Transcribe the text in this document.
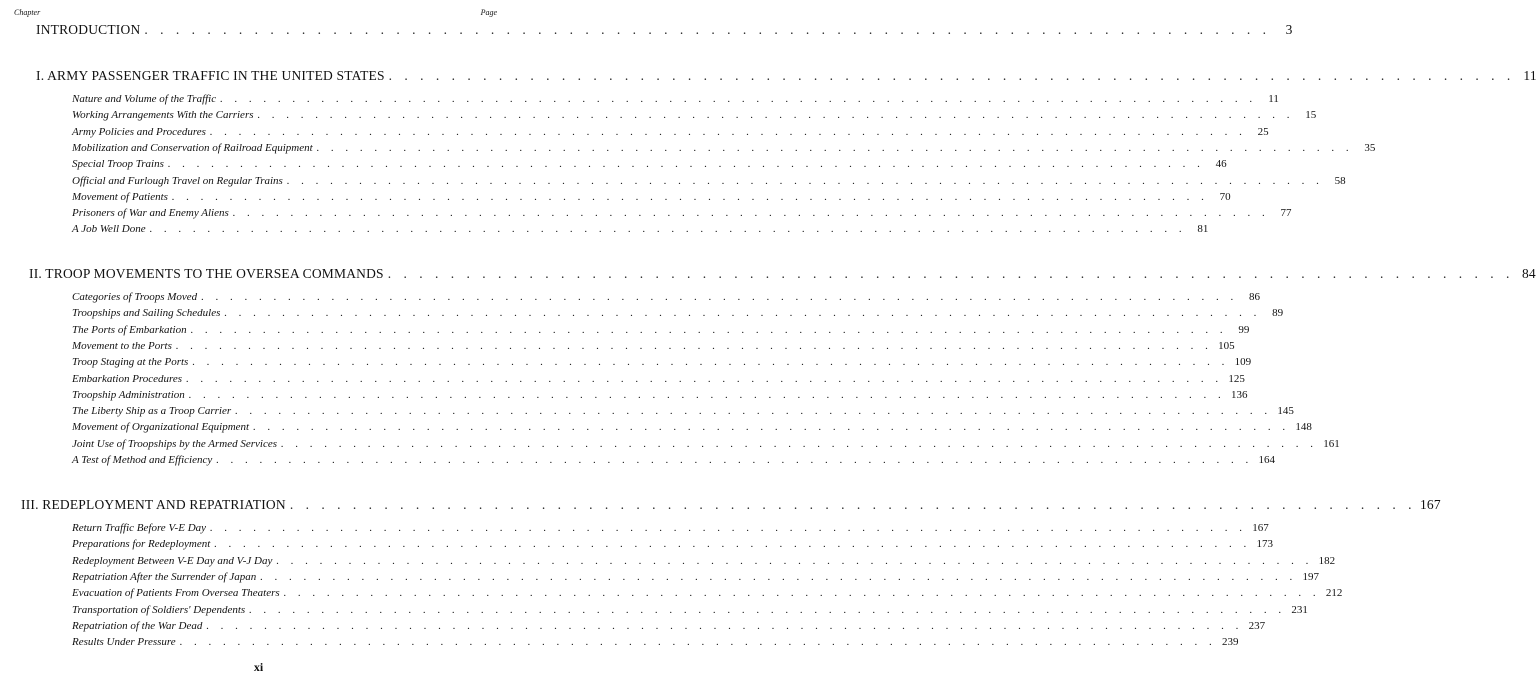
Chapter	Page
INTRODUCTION . . . . . . . . . . . . . . . . . . . . . . . . . . . . . . . . . . . . . . . . . . . . . . . . . . . . . . . . . . . . . . . . . . . . . . . .	3
I. ARMY PASSENGER TRAFFIC IN THE UNITED STATES . . . . . . . . . . . . . . . . . . . . . . . . . . . . . . . . . . . . . . . . . . . . . . . . . . . . . . . . . . . . . . . . . . . . . . . . 11
Nature and Volume of the Traffic . . . . . . . . . . . . . . . . . . . . . . . . . . . . . . . . . . . . . . . . . . . . . . . . . . . . . . . . . . . . . . . . . . . . . . . .	11
Working Arrangements With the Carriers . . . . . . . . . . . . . . . . . . . . . . . . . . . . . . . . . . . . . . . . . . . . . . . . . . . . . . . . . . . . . . . . . . . . . . . .	15
Army Policies and Procedures . . . . . . . . . . . . . . . . . . . . . . . . . . . . . . . . . . . . . . . . . . . . . . . . . . . . . . . . . . . . . . . . . . . . . . . .	25
Mobilization and Conservation of Railroad Equipment . . . . . . . . . . . . . . . . . . . . . . . . . . . . . . . . . . . . . . . . . . . . . . . . . . . . . . . . . . . . . . . . . . . . . . . .	35
Special Troop Trains . . . . . . . . . . . . . . . . . . . . . . . . . . . . . . . . . . . . . . . . . . . . . . . . . . . . . . . . . . . . . . . . . . . . . . . .	46
Official and Furlough Travel on Regular Trains . . . . . . . . . . . . . . . . . . . . . . . . . . . . . . . . . . . . . . . . . . . . . . . . . . . . . . . . . . . . . . . . . . . . . . . .	58
Movement of Patients . . . . . . . . . . . . . . . . . . . . . . . . . . . . . . . . . . . . . . . . . . . . . . . . . . . . . . . . . . . . . . . . . . . . . . . .	70
Prisoners of War and Enemy Aliens . . . . . . . . . . . . . . . . . . . . . . . . . . . . . . . . . . . . . . . . . . . . . . . . . . . . . . . . . . . . . . . . . . . . . . . .	77
A Job Well Done . . . . . . . . . . . . . . . . . . . . . . . . . . . . . . . . . . . . . . . . . . . . . . . . . . . . . . . . . . . . . . . . . . . . . . . .	81
II. TROOP MOVEMENTS TO THE OVERSEA COMMANDS . . . . . . . . . . . . . . . . . . . . . . . . . . . . . . . . . . . . . . . . . . . . . . . . . . . . . . . . . . . . . . . . . . . . . . . . 84
Categories of Troops Moved . . . . . . . . . . . . . . . . . . . . . . . . . . . . . . . . . . . . . . . . . . . . . . . . . . . . . . . . . . . . . . . . . . . . . . . .	86
Troopships and Sailing Schedules . . . . . . . . . . . . . . . . . . . . . . . . . . . . . . . . . . . . . . . . . . . . . . . . . . . . . . . . . . . . . . . . . . . . . . . .	89
The Ports of Embarkation . . . . . . . . . . . . . . . . . . . . . . . . . . . . . . . . . . . . . . . . . . . . . . . . . . . . . . . . . . . . . . . . . . . . . . . .	99
Movement to the Ports . . . . . . . . . . . . . . . . . . . . . . . . . . . . . . . . . . . . . . . . . . . . . . . . . . . . . . . . . . . . . . . . . . . . . . . . 105
Troop Staging at the Ports . . . . . . . . . . . . . . . . . . . . . . . . . . . . . . . . . . . . . . . . . . . . . . . . . . . . . . . . . . . . . . . . . . . . . . . . 109
Embarkation Procedures . . . . . . . . . . . . . . . . . . . . . . . . . . . . . . . . . . . . . . . . . . . . . . . . . . . . . . . . . . . . . . . . . . . . . . . . 125
Troopship Administration . . . . . . . . . . . . . . . . . . . . . . . . . . . . . . . . . . . . . . . . . . . . . . . . . . . . . . . . . . . . . . . . . . . . . . . . 136
The Liberty Ship as a Troop Carrier . . . . . . . . . . . . . . . . . . . . . . . . . . . . . . . . . . . . . . . . . . . . . . . . . . . . . . . . . . . . . . . . . . . . . . . . 145
Movement of Organizational Equipment . . . . . . . . . . . . . . . . . . . . . . . . . . . . . . . . . . . . . . . . . . . . . . . . . . . . . . . . . . . . . . . . . . . . . . . . 148
Joint Use of Troopships by the Armed Services . . . . . . . . . . . . . . . . . . . . . . . . . . . . . . . . . . . . . . . . . . . . . . . . . . . . . . . . . . . . . . . . . . . . . . . . 161
A Test of Method and Efficiency . . . . . . . . . . . . . . . . . . . . . . . . . . . . . . . . . . . . . . . . . . . . . . . . . . . . . . . . . . . . . . . . . . . . . . . . 164
III. REDEPLOYMENT AND REPATRIATION . . . . . . . . . . . . . . . . . . . . . . . . . . . . . . . . . . . . . . . . . . . . . . . . . . . . . . . . . . . . . . . . . . . . . . . . 167
Return Traffic Before V-E Day . . . . . . . . . . . . . . . . . . . . . . . . . . . . . . . . . . . . . . . . . . . . . . . . . . . . . . . . . . . . . . . . . . . . . . . . 167
Preparations for Redeployment . . . . . . . . . . . . . . . . . . . . . . . . . . . . . . . . . . . . . . . . . . . . . . . . . . . . . . . . . . . . . . . . . . . . . . . . 173
Redeployment Between V-E Day and V-J Day . . . . . . . . . . . . . . . . . . . . . . . . . . . . . . . . . . . . . . . . . . . . . . . . . . . . . . . . . . . . . . . . . . . . . . . . 182
Repatriation After the Surrender of Japan . . . . . . . . . . . . . . . . . . . . . . . . . . . . . . . . . . . . . . . . . . . . . . . . . . . . . . . . . . . . . . . . . . . . . . . . 197
Evacuation of Patients From Oversea Theaters . . . . . . . . . . . . . . . . . . . . . . . . . . . . . . . . . . . . . . . . . . . . . . . . . . . . . . . . . . . . . . . . . . . . . . . . 212
Transportation of Soldiers' Dependents . . . . . . . . . . . . . . . . . . . . . . . . . . . . . . . . . . . . . . . . . . . . . . . . . . . . . . . . . . . . . . . . . . . . . . . . 231
Repatriation of the War Dead . . . . . . . . . . . . . . . . . . . . . . . . . . . . . . . . . . . . . . . . . . . . . . . . . . . . . . . . . . . . . . . . . . . . . . . . 237
Results Under Pressure . . . . . . . . . . . . . . . . . . . . . . . . . . . . . . . . . . . . . . . . . . . . . . . . . . . . . . . . . . . . . . . . . . . . . . . . 239
xi
